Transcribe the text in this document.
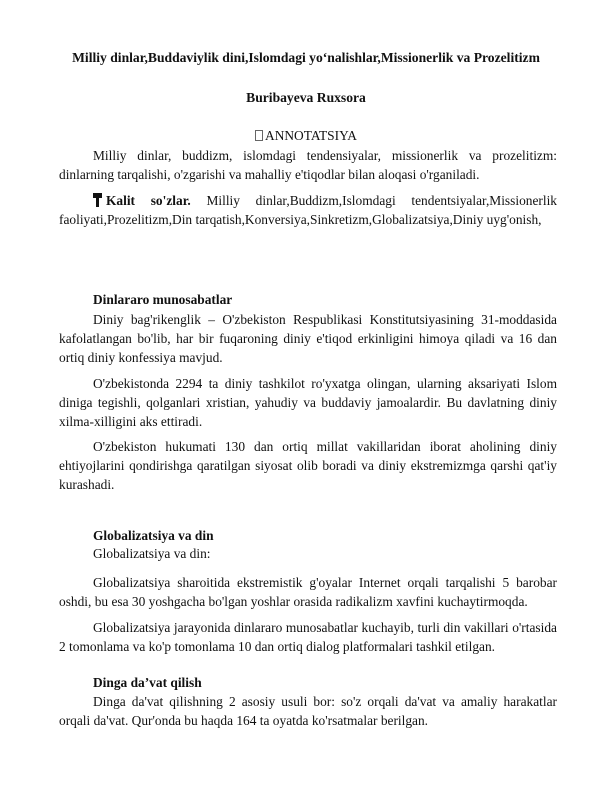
Milliy dinlar,Buddaviylik dini,Islomdagi yo‘nalishlar,Missionerlik va Prozelitizm
Buribayeva Ruxsora
ANNOTATSIYA

Milliy dinlar, buddizm, islomdagi tendensiyalar, missionerlik va prozelitizm: dinlarning tarqalishi, o'zgarishi va mahalliy e'tiqodlar bilan aloqasi o'rganiladi.

Kalit so'zlar. Milliy dinlar,Buddizm,Islomdagi tendentsiyalar,Missionerlik faoliyati,Prozelitizm,Din tarqatish,Konversiya,Sinkretizm,Globalizatsiya,Diniy uyg'onish,

Dinlararo munosabatlar

Diniy bag'rikenglik – O'zbekiston Respublikasi Konstitutsiyasining 31-moddasida kafolatlangan bo'lib, har bir fuqaroning diniy e'tiqod erkinligini himoya qiladi va 16 dan ortiq diniy konfessiya mavjud.

O'zbekistonda 2294 ta diniy tashkilot ro'yxatga olingan, ularning aksariyati Islom diniga tegishli, qolganlari xristian, yahudiy va buddaviy jamoalardir. Bu davlatning diniy xilma-xilligini aks ettiradi.

O'zbekiston hukumati 130 dan ortiq millat vakillaridan iborat aholining diniy ehtiyojlarini qondirishga qaratilgan siyosat olib boradi va diniy ekstremizmga qarshi qat'iy kurashadi.

Globalizatsiya va din

Globalizatsiya va din:

Globalizatsiya sharoitida ekstremistik g'oyalar Internet orqali tarqalishi 5 barobar oshdi, bu esa 30 yoshgacha bo'lgan yoshlar orasida radikalizm xavfini kuchaytirmoqda.

Globalizatsiya jarayonida dinlararo munosabatlar kuchayib, turli din vakillari o'rtasida 2 tomonlama va ko'p tomonlama 10 dan ortiq dialog platformalari tashkil etilgan.

Dinga da’vat qilish

Dinga da'vat qilishning 2 asosiy usuli bor: so'z orqali da'vat va amaliy harakatlar orqali da'vat. Qur'onda bu haqda 164 ta oyatda ko'rsatmalar berilgan.
